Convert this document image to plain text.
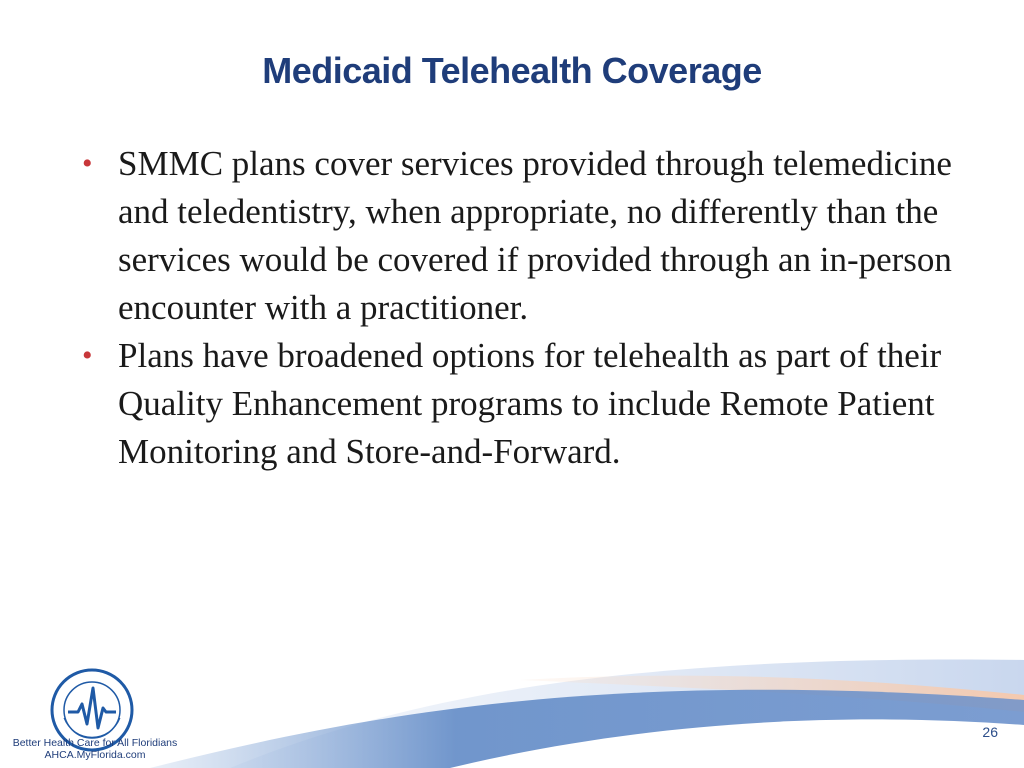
Medicaid Telehealth Coverage
• SMMC plans cover services provided through telemedicine and teledentistry, when appropriate, no differently than the services would be covered if provided through an in-person encounter with a practitioner.
• Plans have broadened options for telehealth as part of their Quality Enhancement programs to include Remote Patient Monitoring and Store-and-Forward.
Better Health Care for All Floridians
AHCA.MyFlorida.com
26
